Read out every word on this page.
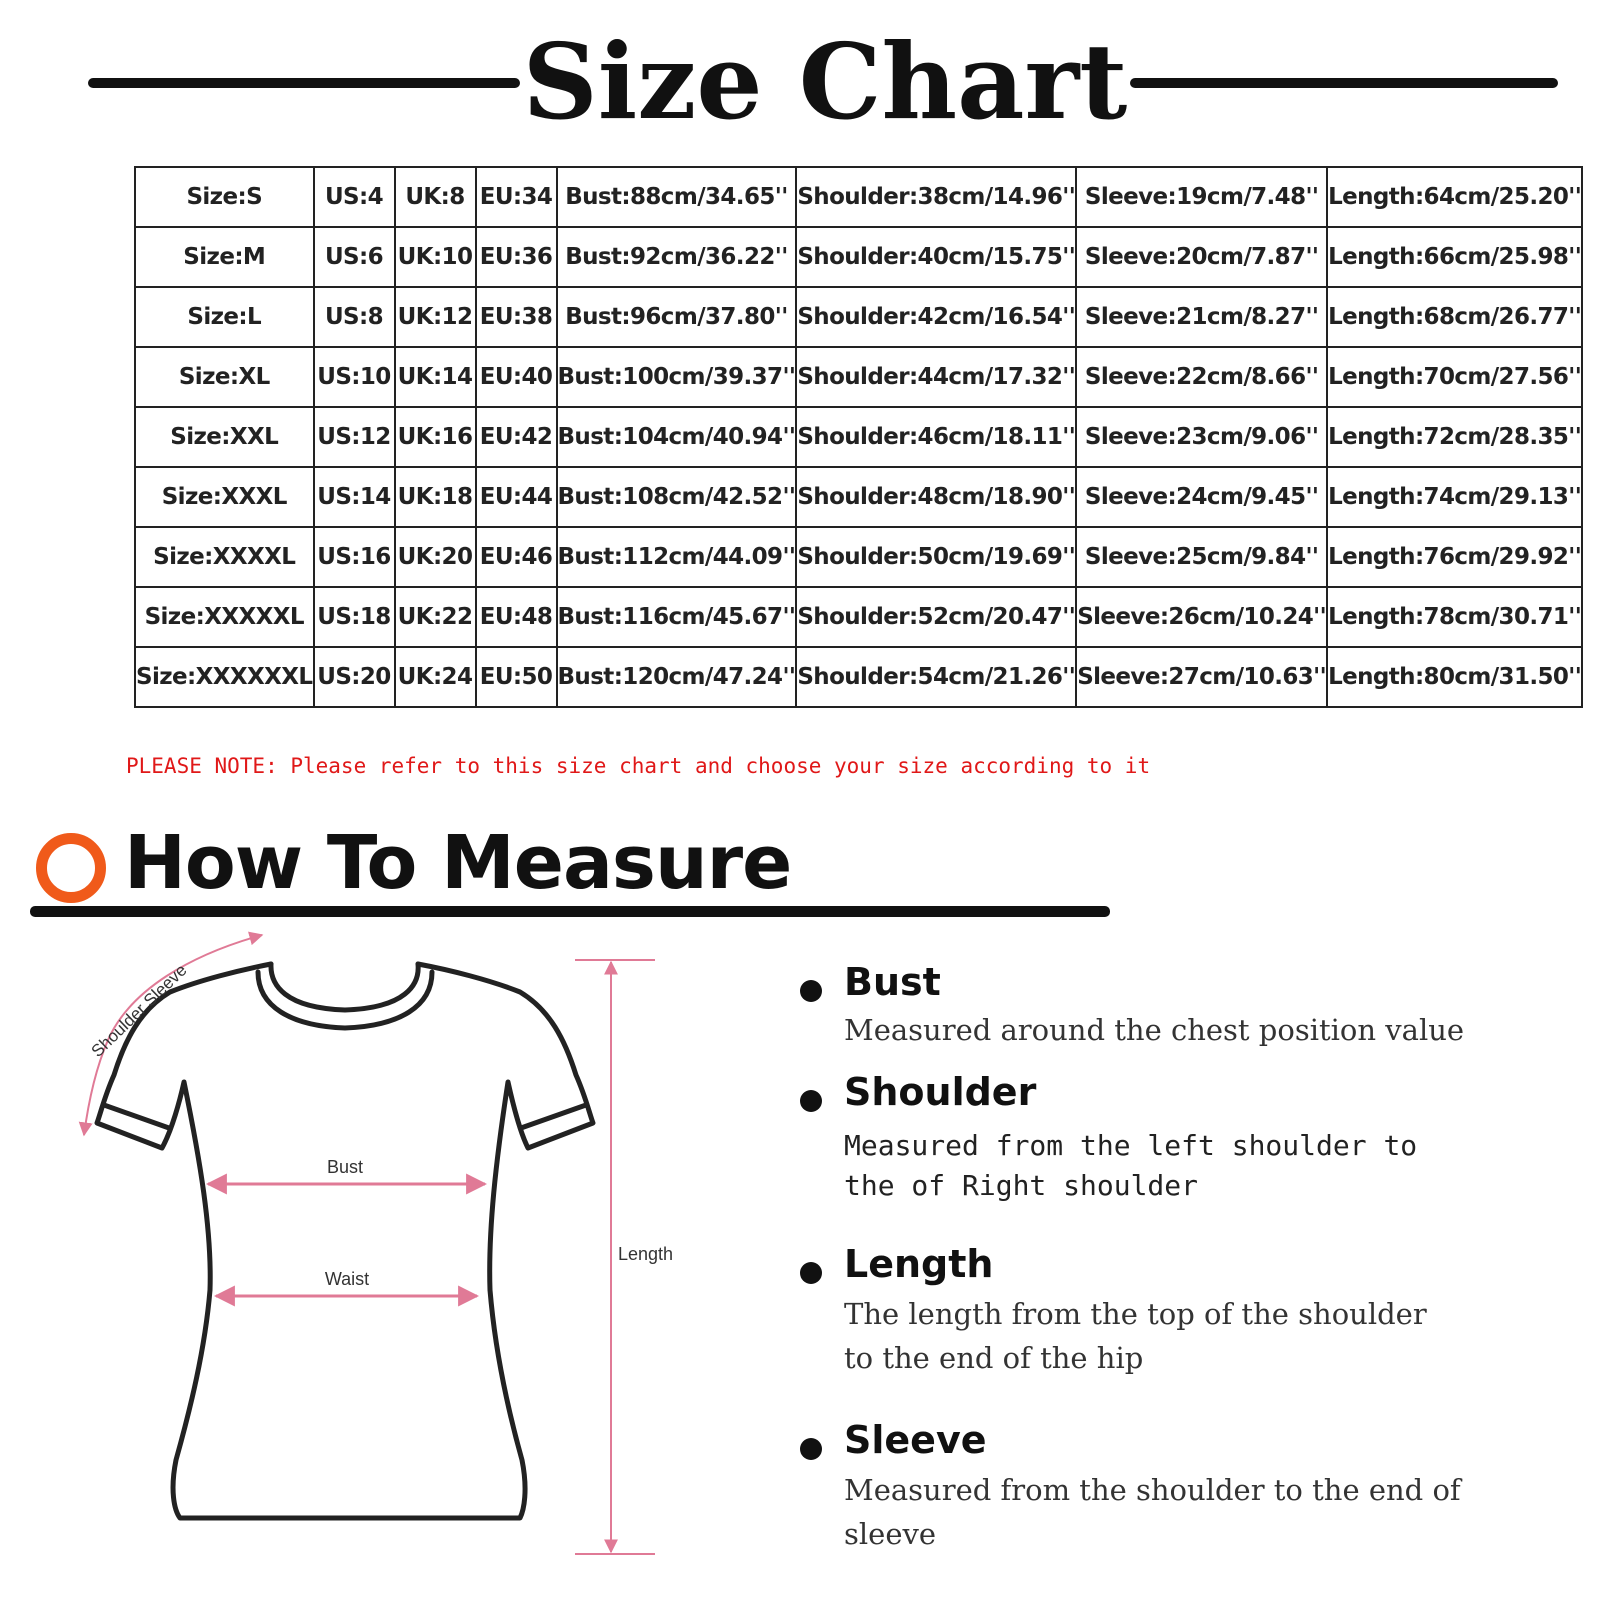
Size Chart
Size:S	US:4	UK:8	EU:34	Bust:88cm/34.65''	Shoulder:38cm/14.96''	Sleeve:19cm/7.48''	Length:64cm/25.20''
Size:M	US:6	UK:10	EU:36	Bust:92cm/36.22''	Shoulder:40cm/15.75''	Sleeve:20cm/7.87''	Length:66cm/25.98''
Size:L	US:8	UK:12	EU:38	Bust:96cm/37.80''	Shoulder:42cm/16.54''	Sleeve:21cm/8.27''	Length:68cm/26.77''
Size:XL	US:10	UK:14	EU:40	Bust:100cm/39.37''	Shoulder:44cm/17.32''	Sleeve:22cm/8.66''	Length:70cm/27.56''
Size:XXL	US:12	UK:16	EU:42	Bust:104cm/40.94''	Shoulder:46cm/18.11''	Sleeve:23cm/9.06''	Length:72cm/28.35''
Size:XXXL	US:14	UK:18	EU:44	Bust:108cm/42.52''	Shoulder:48cm/18.90''	Sleeve:24cm/9.45''	Length:74cm/29.13''
Size:XXXXL	US:16	UK:20	EU:46	Bust:112cm/44.09''	Shoulder:50cm/19.69''	Sleeve:25cm/9.84''	Length:76cm/29.92''
Size:XXXXXL	US:18	UK:22	EU:48	Bust:116cm/45.67''	Shoulder:52cm/20.47''	Sleeve:26cm/10.24''	Length:78cm/30.71''
Size:XXXXXXL	US:20	UK:24	EU:50	Bust:120cm/47.24''	Shoulder:54cm/21.26''	Sleeve:27cm/10.63''	Length:80cm/31.50''
PLEASE NOTE: Please refer to this size chart and choose your size according to it
How To Measure
Shoulder Sleeve
Bust
Waist
Length
Bust
Measured around the chest position value
Shoulder
Measured from the left shoulder to the of Right shoulder
Length
The length from the top of the shoulder to the end of the hip
Sleeve
Measured from the shoulder to the end of sleeve
